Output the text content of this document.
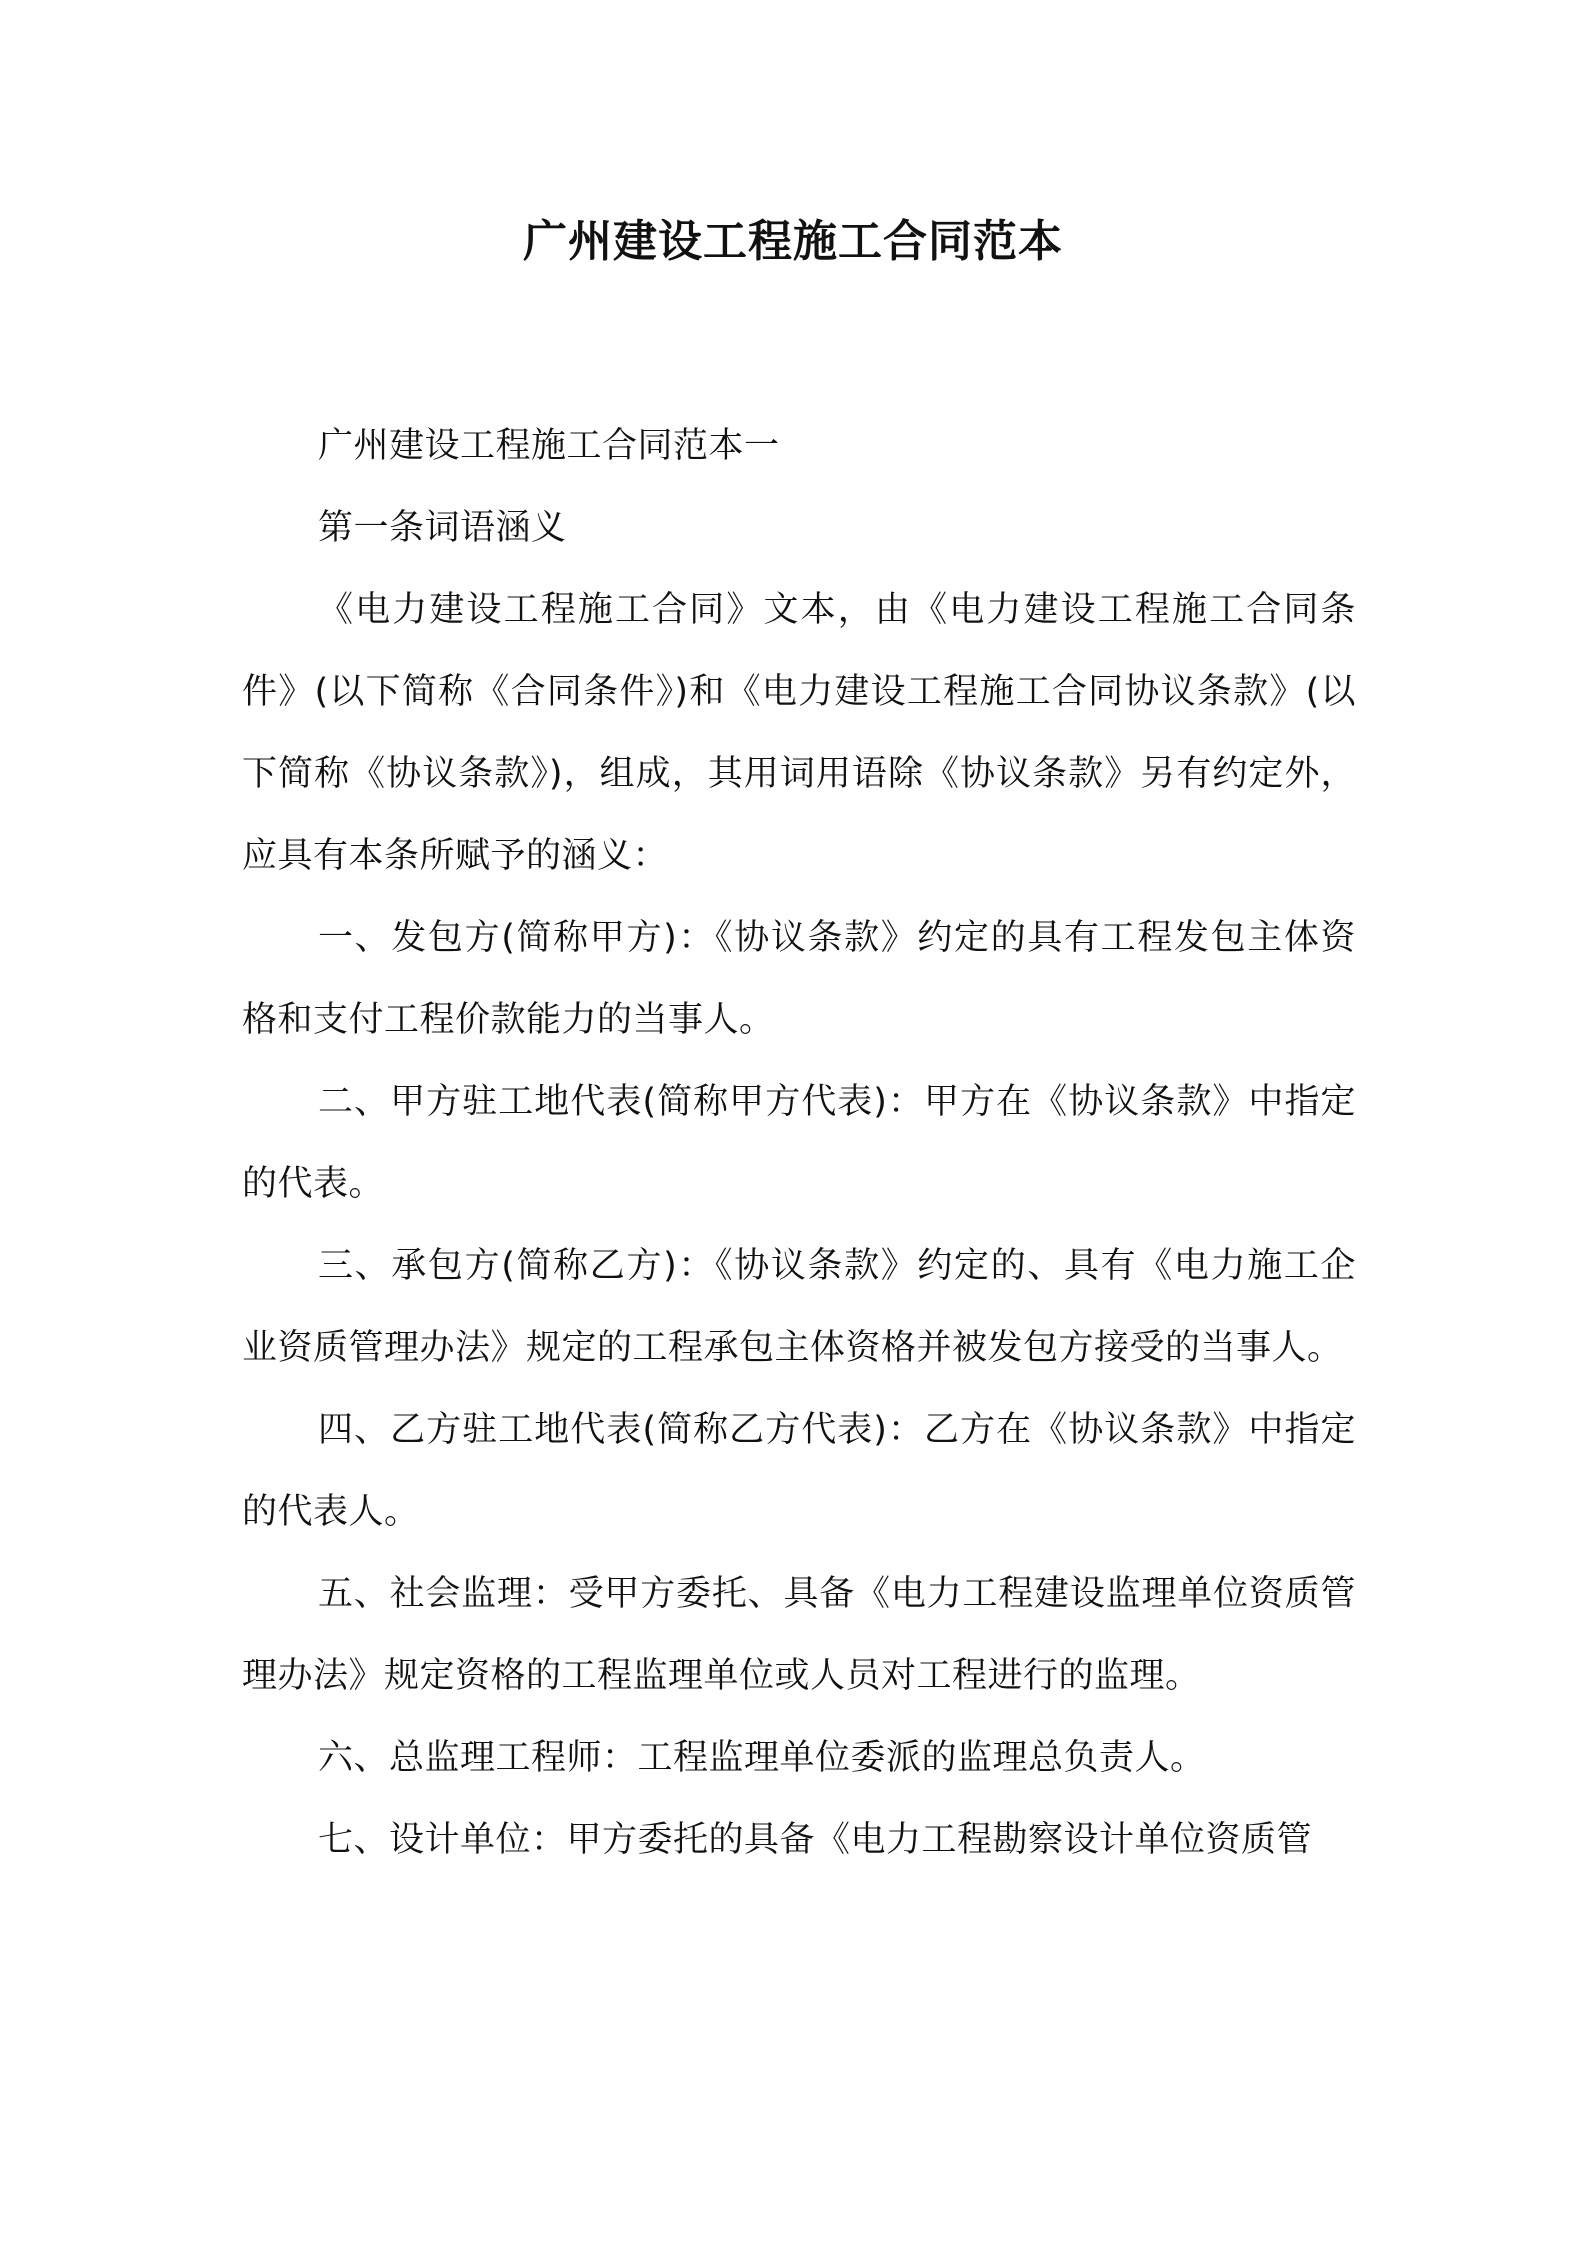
广州建设工程施工合同范本

广州建设工程施工合同范本一

第一条词语涵义

《电力建设工程施工合同》文本，由《电力建设工程施工合同条件》(以下简称《合同条件》)和《电力建设工程施工合同协议条款》(以下简称《协议条款》)，组成，其用词用语除《协议条款》另有约定外，应具有本条所赋予的涵义：

一、发包方(简称甲方)：《协议条款》约定的具有工程发包主体资格和支付工程价款能力的当事人。

二、甲方驻工地代表(简称甲方代表)：甲方在《协议条款》中指定的代表。

三、承包方(简称乙方)：《协议条款》约定的、具有《电力施工企业资质管理办法》规定的工程承包主体资格并被发包方接受的当事人。

四、乙方驻工地代表(简称乙方代表)：乙方在《协议条款》中指定的代表人。

五、社会监理：受甲方委托、具备《电力工程建设监理单位资质管理办法》规定资格的工程监理单位或人员对工程进行的监理。

六、总监理工程师：工程监理单位委派的监理总负责人。

七、设计单位：甲方委托的具备《电力工程勘察设计单位资质管
